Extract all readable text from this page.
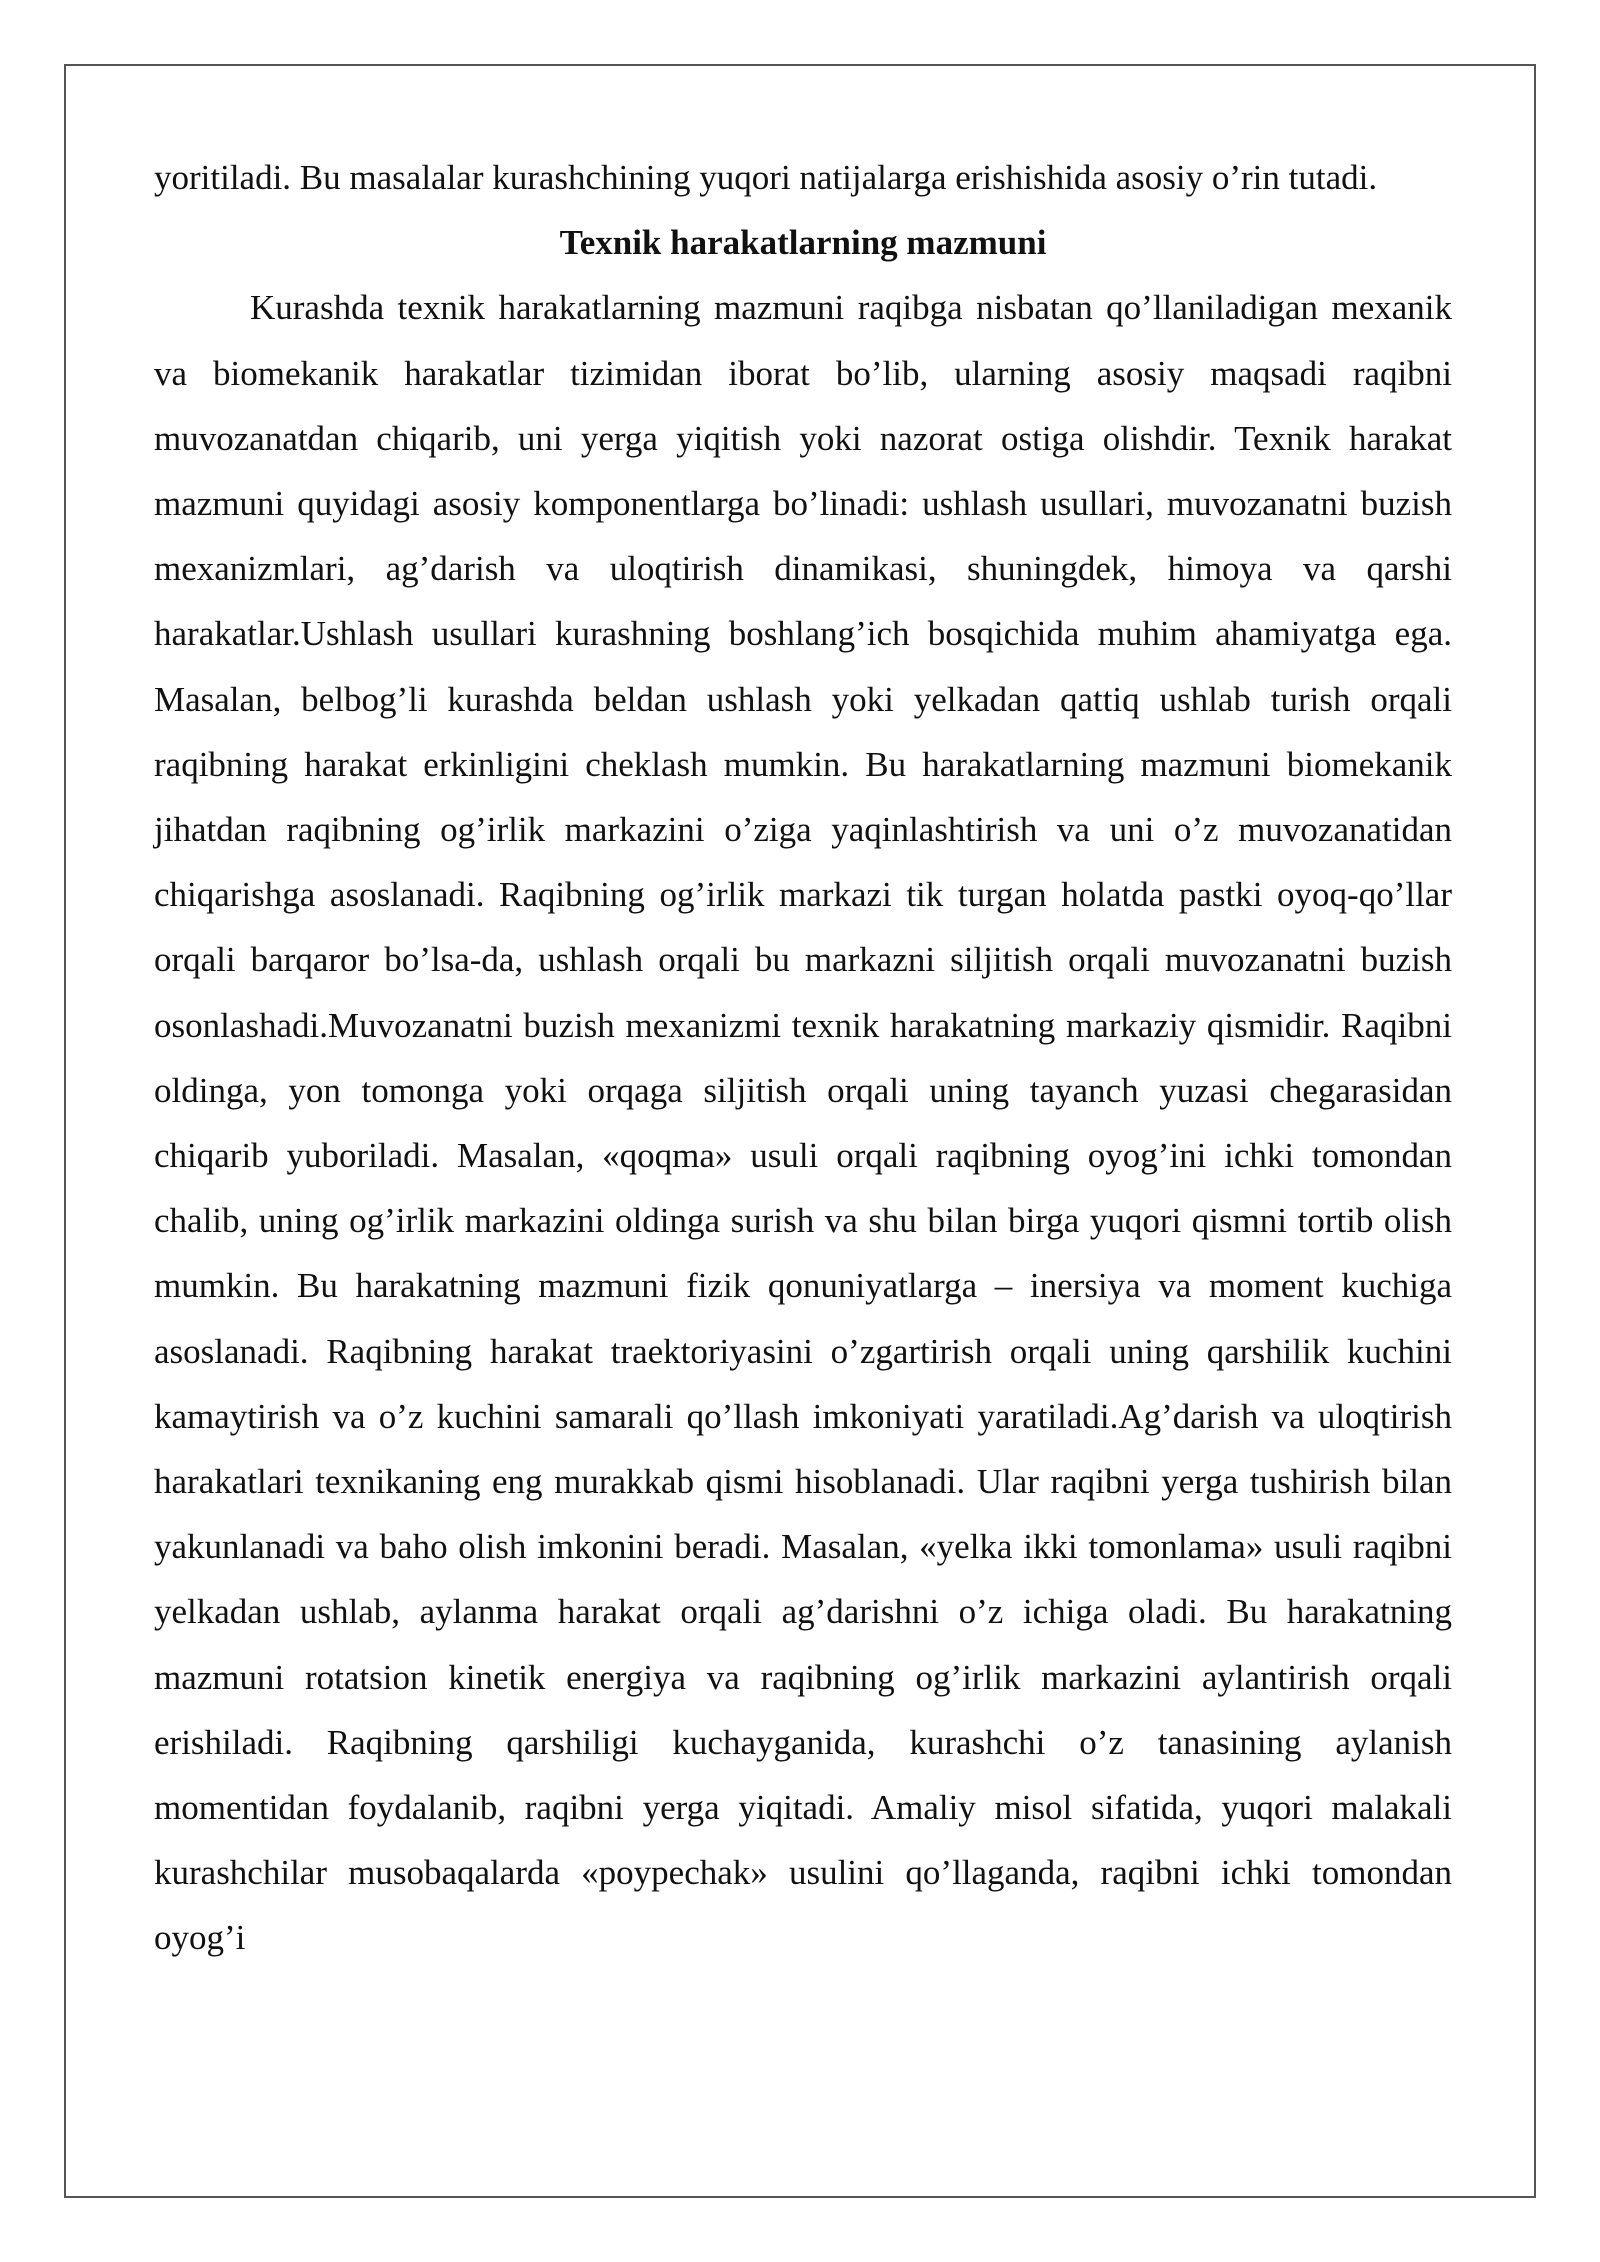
yoritiladi. Bu masalalar kurashchining yuqori natijalarga erishishida asosiy o’rin tutadi.

Texnik harakatlarning mazmuni

Kurashda texnik harakatlarning mazmuni raqibga nisbatan qo’llaniladigan mexanik va biomekanik harakatlar tizimidan iborat bo’lib, ularning asosiy maqsadi raqibni muvozanatdan chiqarib, uni yerga yiqitish yoki nazorat ostiga olishdir. Texnik harakat mazmuni quyidagi asosiy komponentlarga bo’linadi: ushlash usullari, muvozanatni buzish mexanizmlari, ag’darish va uloqtirish dinamikasi, shuningdek, himoya va qarshi harakatlar.Ushlash usullari kurashning boshlang’ich bosqichida muhim ahamiyatga ega. Masalan, belbog’li kurashda beldan ushlash yoki yelkadan qattiq ushlab turish orqali raqibning harakat erkinligini cheklash mumkin. Bu harakatlarning mazmuni biomekanik jihatdan raqibning og’irlik markazini o’ziga yaqinlashtirish va uni o’z muvozanatidan chiqarishga asoslanadi. Raqibning og’irlik markazi tik turgan holatda pastki oyoq-qo’llar orqali barqaror bo’lsa-da, ushlash orqali bu markazni siljitish orqali muvozanatni buzish osonlashadi.Muvozanatni buzish mexanizmi texnik harakatning markaziy qismidir. Raqibni oldinga, yon tomonga yoki orqaga siljitish orqali uning tayanch yuzasi chegarasidan chiqarib yuboriladi. Masalan, «qoqma» usuli orqali raqibning oyog’ini ichki tomondan chalib, uning og’irlik markazini oldinga surish va shu bilan birga yuqori qismni tortib olish mumkin. Bu harakatning mazmuni fizik qonuniyatlarga – inersiya va moment kuchiga asoslanadi. Raqibning harakat traektoriyasini o’zgartirish orqali uning qarshilik kuchini kamaytirish va o’z kuchini samarali qo’llash imkoniyati yaratiladi.Ag’darish va uloqtirish harakatlari texnikaning eng murakkab qismi hisoblanadi. Ular raqibni yerga tushirish bilan yakunlanadi va baho olish imkonini beradi. Masalan, «yelka ikki tomonlama» usuli raqibni yelkadan ushlab, aylanma harakat orqali ag’darishni o’z ichiga oladi. Bu harakatning mazmuni rotatsion kinetik energiya va raqibning og’irlik markazini aylantirish orqali erishiladi. Raqibning qarshiligi kuchayganida, kurashchi o’z tanasining aylanish momentidan foydalanib, raqibni yerga yiqitadi. Amaliy misol sifatida, yuqori malakali kurashchilar musobaqalarda «poypechak» usulini qo’llaganda, raqibni ichki tomondan oyog’i
